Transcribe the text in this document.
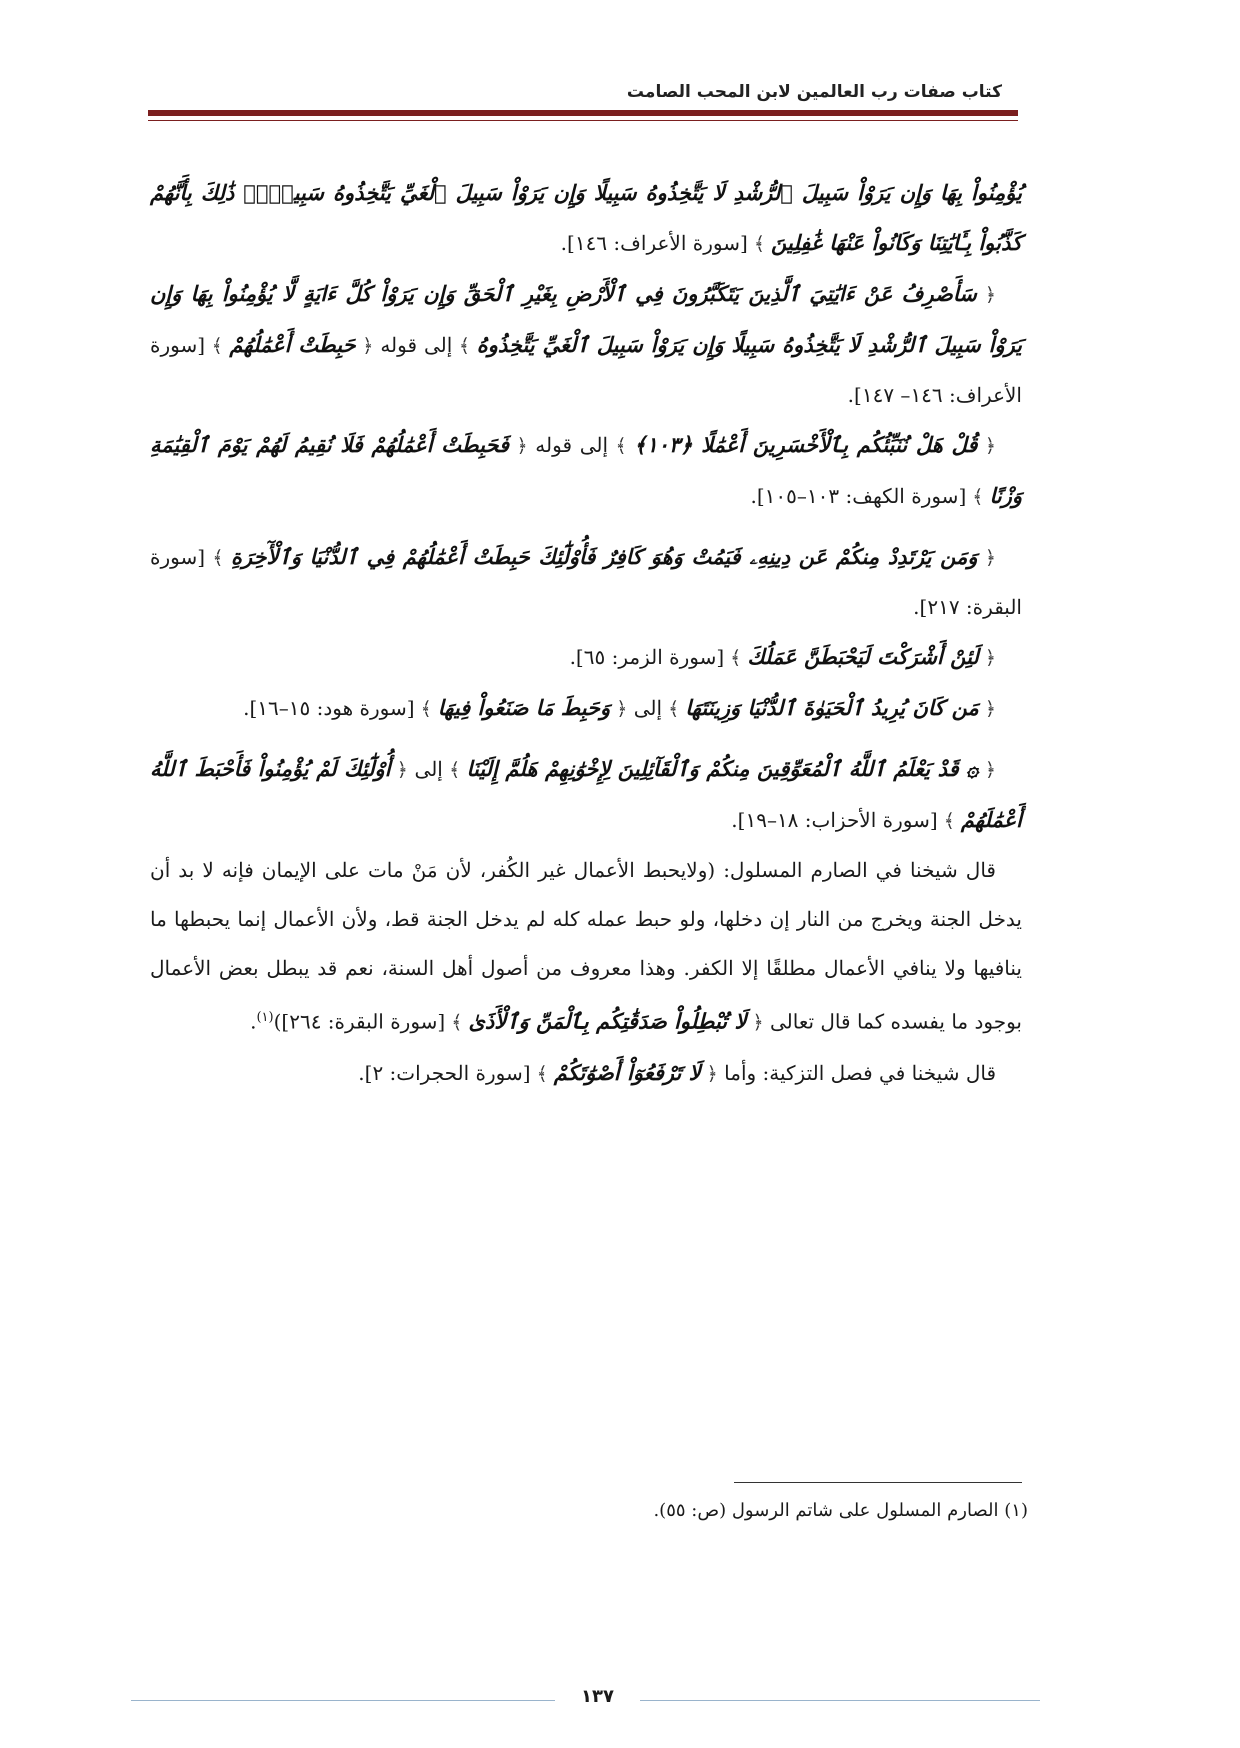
كتاب صفات رب العالمين لابن المحب الصامت

يُؤْمِنُواْ بِهَا وَإِن يَرَوْاْ سَبِيلَ ٱلرُّشْدِ لَا يَتَّخِذُوهُ سَبِيلًا وَإِن يَرَوْاْ سَبِيلَ ٱلْغَيِّ يَتَّخِذُوهُ سَبِيلًاۚ ذَٰلِكَ بِأَنَّهُمْ كَذَّبُواْ بِـَٔايَٰتِنَا وَكَانُواْ عَنْهَا غَٰفِلِينَ ﴾ [سورة الأعراف: ١٤٦].

﴿ سَأَصْرِفُ عَنْ ءَايَٰتِيَ ٱلَّذِينَ يَتَكَبَّرُونَ فِي ٱلْأَرْضِ بِغَيْرِ ٱلْحَقِّ وَإِن يَرَوْاْ كُلَّ ءَايَةٍ لَّا يُؤْمِنُواْ بِهَا وَإِن يَرَوْاْ سَبِيلَ ٱلرُّشْدِ لَا يَتَّخِذُوهُ سَبِيلًا وَإِن يَرَوْاْ سَبِيلَ ٱلْغَيِّ يَتَّخِذُوهُ ﴾ إلى قوله ﴿ حَبِطَتْ أَعْمَٰلُهُمْ ﴾ [سورة الأعراف: ١٤٦– ١٤٧].

﴿ قُلْ هَلْ نُنَبِّئُكُم بِٱلْأَخْسَرِينَ أَعْمَٰلًا ﴿١٠٣﴾ ﴾ إلى قوله ﴿ فَحَبِطَتْ أَعْمَٰلُهُمْ فَلَا نُقِيمُ لَهُمْ يَوْمَ ٱلْقِيَٰمَةِ وَزْنًا ﴾ [سورة الكهف: ١٠٣–١٠٥].

﴿ وَمَن يَرْتَدِدْ مِنكُمْ عَن دِينِهِۦ فَيَمُتْ وَهُوَ كَافِرٌ فَأُوْلَٰٓئِكَ حَبِطَتْ أَعْمَٰلُهُمْ فِي ٱلدُّنْيَا وَٱلْأٓخِرَةِ ﴾ [سورة البقرة: ٢١٧].

﴿ لَئِنْ أَشْرَكْتَ لَيَحْبَطَنَّ عَمَلُكَ ﴾ [سورة الزمر: ٦٥].

﴿ مَن كَانَ يُرِيدُ ٱلْحَيَوٰةَ ٱلدُّنْيَا وَزِينَتَهَا ﴾ إلى ﴿ وَحَبِطَ مَا صَنَعُواْ فِيهَا ﴾ [سورة هود: ١٥–١٦].

﴿ ۞ قَدْ يَعْلَمُ ٱللَّهُ ٱلْمُعَوِّقِينَ مِنكُمْ وَٱلْقَآئِلِينَ لِإِخْوَٰنِهِمْ هَلُمَّ إِلَيْنَا ﴾ إلى ﴿ أُوْلَٰٓئِكَ لَمْ يُؤْمِنُواْ فَأَحْبَطَ ٱللَّهُ أَعْمَٰلَهُمْ ﴾ [سورة الأحزاب: ١٨–١٩].

قال شيخنا في الصارم المسلول: (ولايحبط الأعمال غير الكُفر، لأن مَنْ مات على الإيمان فإنه لا بد أن يدخل الجنة ويخرج من النار إن دخلها، ولو حبط عمله كله لم يدخل الجنة قط، ولأن الأعمال إنما يحبطها ما ينافيها ولا ينافي الأعمال مطلقًا إلا الكفر. وهذا معروف من أصول أهل السنة، نعم قد يبطل بعض الأعمال بوجود ما يفسده كما قال تعالى ﴿ لَا تُبْطِلُواْ صَدَقَٰتِكُم بِٱلْمَنِّ وَٱلْأَذَىٰ ﴾ [سورة البقرة: ٢٦٤])$^{(١)}$.

قال شيخنا في فصل التزكية: وأما ﴿ لَا تَرْفَعُوٓاْ أَصْوَٰتَكُمْ ﴾ [سورة الحجرات: ٢].

(١) الصارم المسلول على شاتم الرسول (ص: ٥٥).
١٣٧
